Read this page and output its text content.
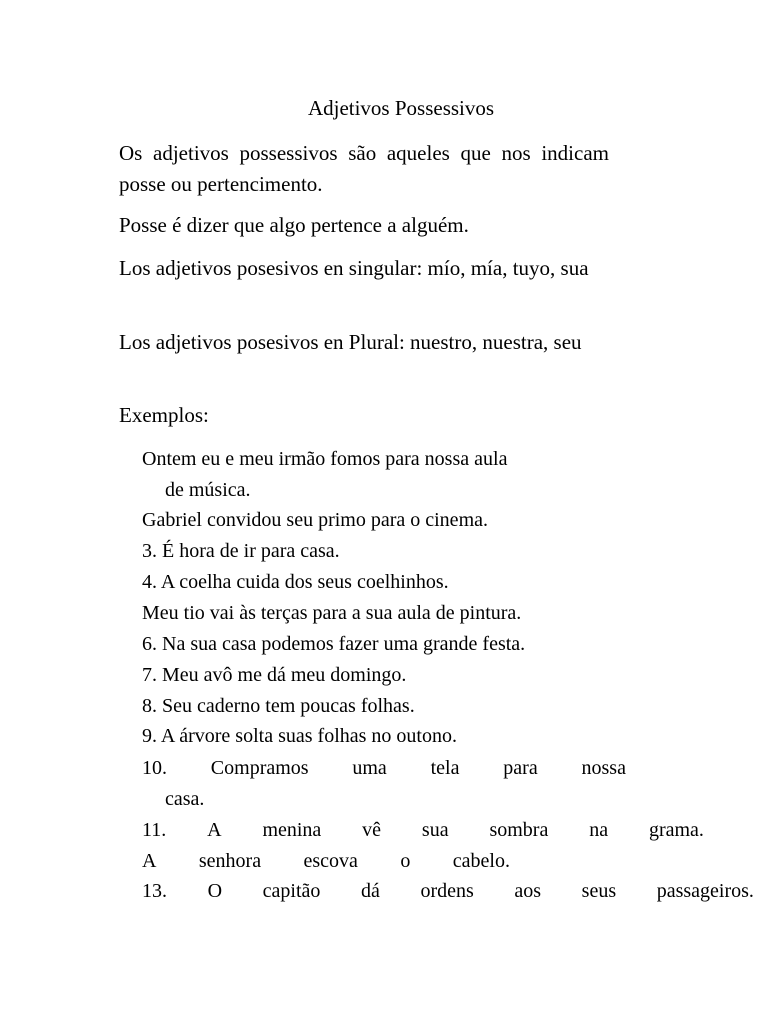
Adjetivos Possessivos

Os adjetivos possessivos são aqueles que nos indicam posse ou pertencimento.

Posse é dizer que algo pertence a alguém.

Los adjetivos posesivos en singular: mío, mía, tuyo, sua

Los adjetivos posesivos en Plural: nuestro, nuestra, seu

Exemplos:

Ontem eu e meu irmão fomos para nossa aula

de música.

Gabriel convidou seu primo para o cinema.

3. É hora de ir para casa.

4. A coelha cuida dos seus coelhinhos.

Meu tio vai às terças para a sua aula de pintura.

6. Na sua casa podemos fazer uma grande festa.

7. Meu avô me dá meu domingo.

8. Seu caderno tem poucas folhas.

9. A árvore solta suas folhas no outono.

10. Compramos uma tela para nossa

casa.

11. A menina vê sua sombra na grama.

A senhora escova o cabelo.

13. O capitão dá ordens aos seus passageiros.
